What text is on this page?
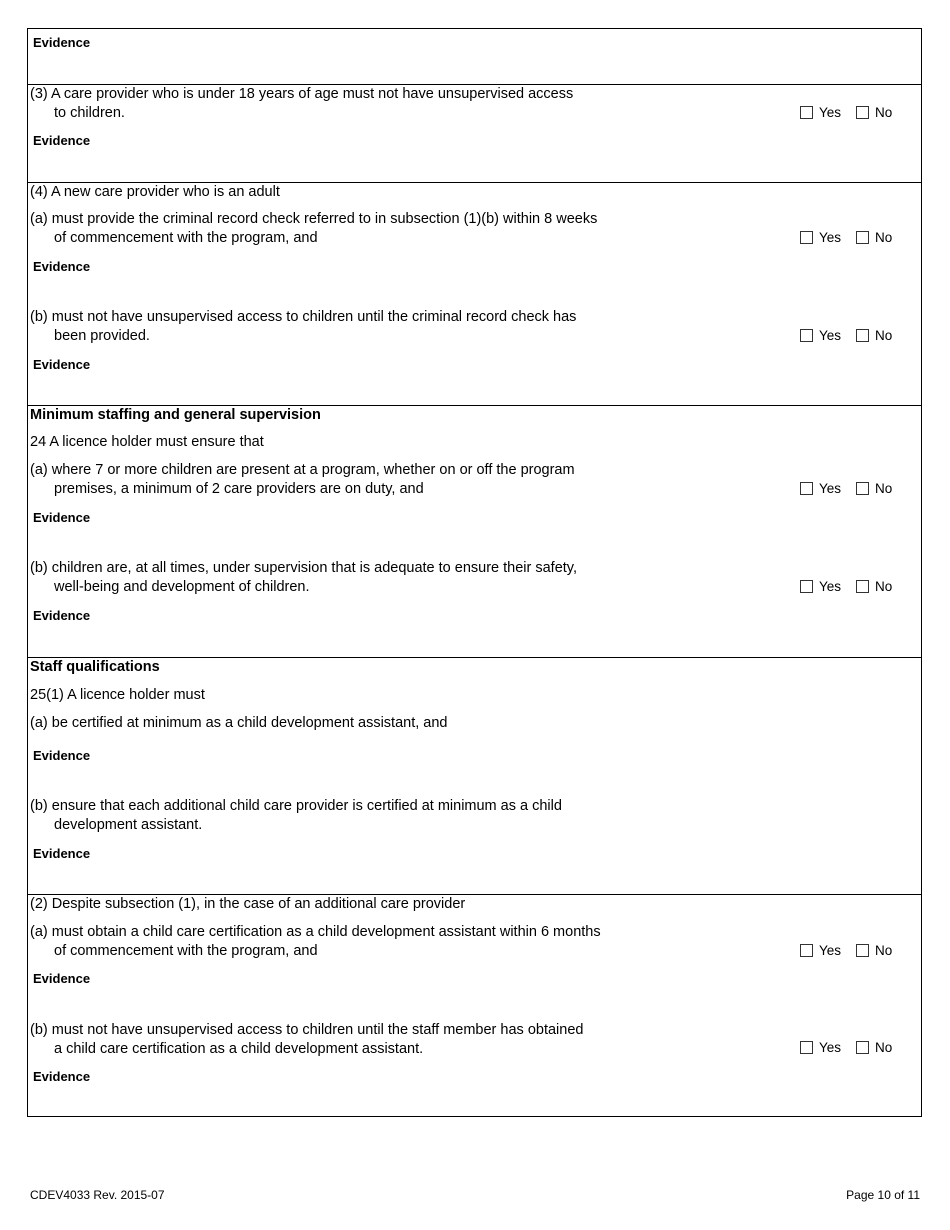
Evidence
(3) A care provider who is under 18 years of age must not have unsupervised access
to children.	Yes	No
Evidence
(4) A new care provider who is an adult
(a) must provide the criminal record check referred to in subsection (1)(b) within 8 weeks
of commencement with the program, and	Yes	No
Evidence
(b) must not have unsupervised access to children until the criminal record check has
been provided.	Yes	No
Evidence
Minimum staffing and general supervision
24 A licence holder must ensure that
(a) where 7 or more children are present at a program, whether on or off the program
premises, a minimum of 2 care providers are on duty, and	Yes	No
Evidence
(b) children are, at all times, under supervision that is adequate to ensure their safety,
well-being and development of children.	Yes	No
Evidence
Staff qualifications
25(1) A licence holder must
(a) be certified at minimum as a child development assistant, and
Evidence
(b) ensure that each additional child care provider is certified at minimum as a child
development assistant.
Evidence
(2) Despite subsection (1), in the case of an additional care provider
(a) must obtain a child care certification as a child development assistant within 6 months
of commencement with the program, and	Yes	No
Evidence
(b) must not have unsupervised access to children until the staff member has obtained
a child care certification as a child development assistant.	Yes	No
Evidence
CDEV4033 Rev. 2015-07	Page 10 of 11
